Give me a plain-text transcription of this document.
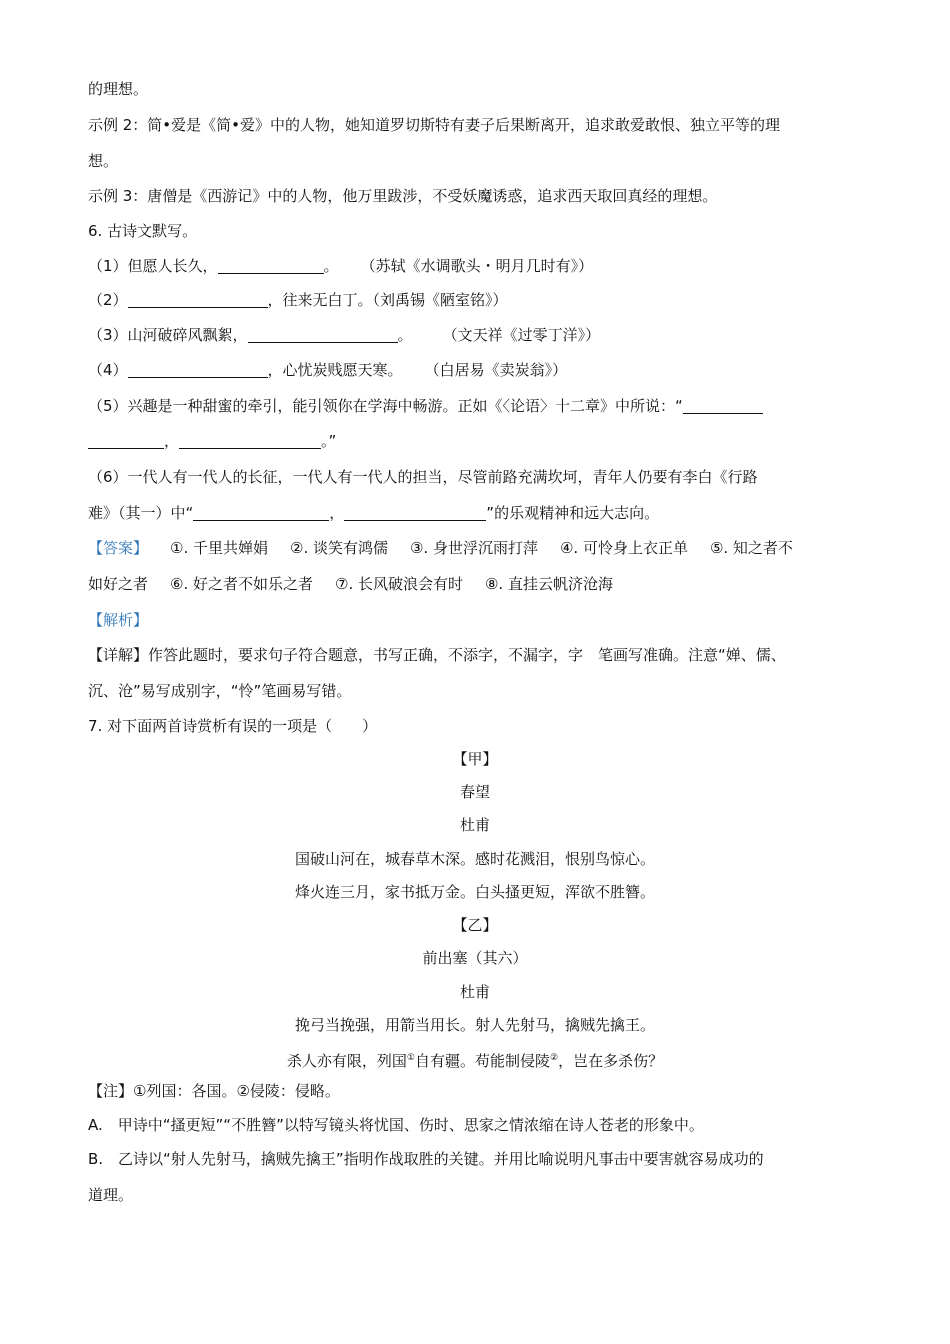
的理想。
示例 2：简•爱是《简•爱》中的人物，她知道罗切斯特有妻子后果断离开，追求敢爱敢恨、独立平等的理
想。
示例 3：唐僧是《西游记》中的人物，他万里跋涉，不受妖魔诱惑，追求西天取回真经的理想。
6. 古诗文默写。
（1）但愿人长久，	。 （苏轼《水调歌头・明月几时有》）
（2）	，往来无白丁。（刘禹锡《陋室铭》）
（3）山河破碎风飘絮，	。 （文天祥《过零丁洋》）
（4）	，心忧炭贱愿天寒。 （白居易《卖炭翁》）
（5）兴趣是一种甜蜜的牵引，能引领你在学海中畅游。正如《〈论语〉十二章》中所说：“
，	。”
（6）一代人有一代人的长征，一代人有一代人的担当，尽管前路充满坎坷，青年人仍要有李白《行路
难》（其一）中“	，	”的乐观精神和远大志向。
【答案】 ①. 千里共婵娟 ②. 谈笑有鸿儒 ③. 身世浮沉雨打萍 ④. 可怜身上衣正单 ⑤. 知之者不
如好之者 ⑥. 好之者不如乐之者 ⑦. 长风破浪会有时 ⑧. 直挂云帆济沧海
【解析】
【详解】作答此题时，要求句子符合题意，书写正确，不添字，不漏字，字　笔画写准确。注意“婵、儒、
沉、沧”易写成别字，“怜”笔画易写错。
7. 对下面两首诗赏析有误的一项是（　　）
【甲】
春望
杜甫
国破山河在，城春草木深。感时花溅泪，恨别鸟惊心。
烽火连三月，家书抵万金。白头搔更短，浑欲不胜簪。
【乙】
前出塞（其六）
杜甫
挽弓当挽强，用箭当用长。射人先射马，擒贼先擒王。
杀人亦有限，列国①自有疆。苟能制侵陵②，岂在多杀伤？
【注】①列国：各国。②侵陵：侵略。
A.　甲诗中“搔更短”“不胜簪”以特写镜头将忧国、伤时、思家之情浓缩在诗人苍老的形象中。
B.　乙诗以“射人先射马，擒贼先擒王”指明作战取胜的关键。并用比喻说明凡事击中要害就容易成功的
道理。
